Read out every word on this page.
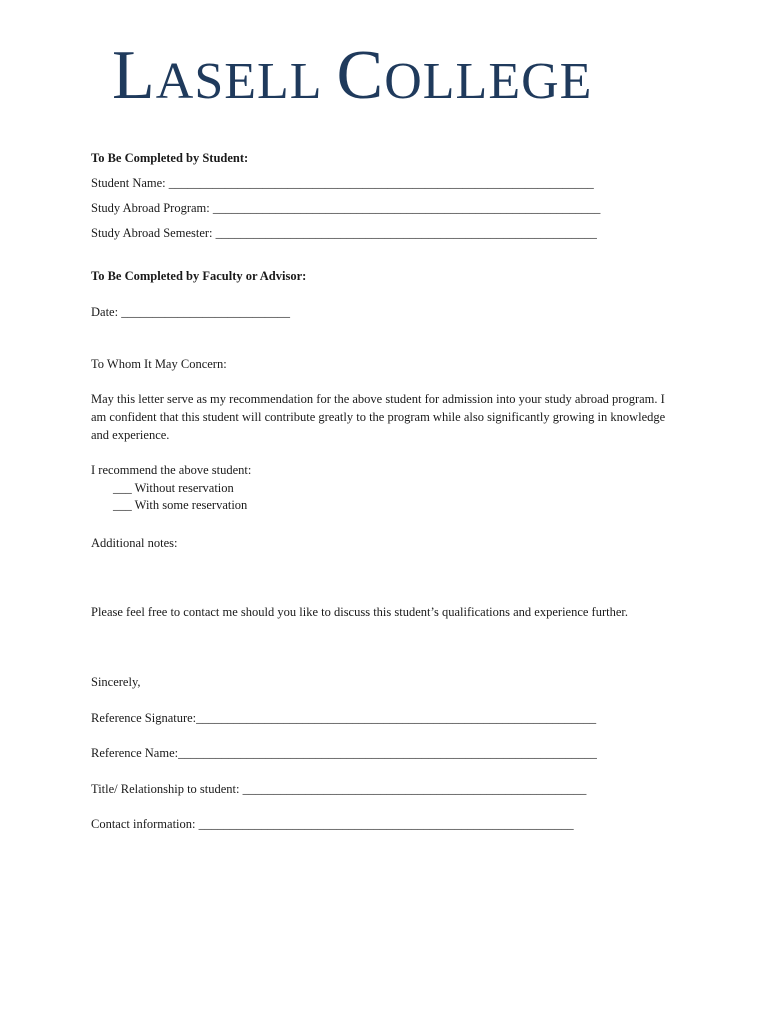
LASELL COLLEGE
To Be Completed by Student:
Student Name: ____________________________________________________________________
Study Abroad Program: ______________________________________________________________
Study Abroad Semester: _____________________________________________________________
To Be Completed by Faculty or Advisor:
Date: ___________________________
To Whom It May Concern:
May this letter serve as my recommendation for the above student for admission into your study abroad program. I am confident that this student will contribute greatly to the program while also significantly growing in knowledge and experience.
I recommend the above student:
___ Without reservation
___ With some reservation
Additional notes:
Please feel free to contact me should you like to discuss this student’s qualifications and experience further.
Sincerely,
Reference Signature:________________________________________________________________
Reference Name:___________________________________________________________________
Title/ Relationship to student: _______________________________________________________
Contact information: ____________________________________________________________
